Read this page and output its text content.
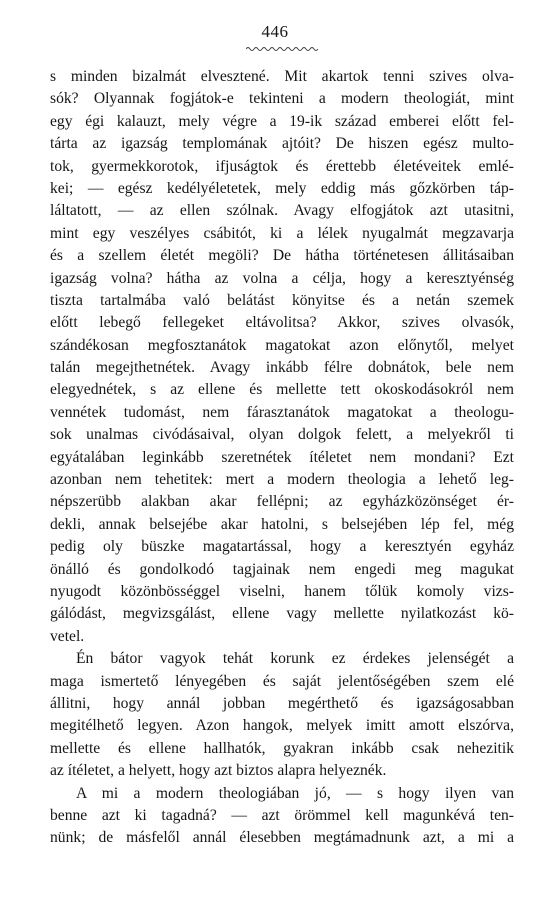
446
s minden bizalmát elvesztené. Mit akartok tenni szives olva-
sók? Olyannak fogjátok-e tekinteni a modern theologiát, mint
egy égi kalauzt, mely végre a 19-ik század emberei előtt fel-
tárta az igazság templomának ajtóit? De hiszen egész multo-
tok, gyermekkorotok, ifjuságtok és érettebb életéveitek emlé-
kei; — egész kedélyéletetek, mely eddig más gőzkörben táp-
láltatott, — az ellen szólnak. Avagy elfogjátok azt utasitni,
mint egy veszélyes csábitót, ki a lélek nyugalmát megzavarja
és a szellem életét megöli? De hátha történetesen állitásaiban
igazság volna? hátha az volna a célja, hogy a keresztyénség
tiszta tartalmába való belátást könyitse és a netán szemek
előtt lebegő fellegeket eltávolitsa? Akkor, szives olvasók,
szándékosan megfosztanátok magatokat azon előnytől, melyet
talán megejthetnétek. Avagy inkább félre dobnátok, bele nem
elegyednétek, s az ellene és mellette tett okoskodásokról nem
vennétek tudomást, nem fárasztanátok magatokat a theologu-
sok unalmas civódásaival, olyan dolgok felett, a melyekről ti
egyátalában leginkább szeretnétek ítéletet nem mondani? Ezt
azonban nem tehetitek: mert a modern theologia a lehető leg-
népszerübb alakban akar fellépni; az egyházközönséget ér-
dekli, annak belsejébe akar hatolni, s belsejében lép fel, még
pedig oly büszke magatartással, hogy a keresztyén egyház
önálló és gondolkodó tagjainak nem engedi meg magukat
nyugodt közönbösséggel viselni, hanem tőlük komoly vizs-
gálódást, megvizsgálást, ellene vagy mellette nyilatkozást kö-
vetel.
Én bátor vagyok tehát korunk ez érdekes jelenségét a
maga ismertető lényegében és saját jelentőségében szem elé
állitni, hogy annál jobban megérthető és igazságosabban
megitélhető legyen. Azon hangok, melyek imitt amott elszórva,
mellette és ellene hallhatók, gyakran inkább csak nehezitik
az ítéletet, a helyett, hogy azt biztos alapra helyeznék.
A mi a modern theologiában jó, — s hogy ilyen van
benne azt ki tagadná? — azt örömmel kell magunkévá ten-
nünk; de másfelől annál élesebben megtámadnunk azt, a mi a
